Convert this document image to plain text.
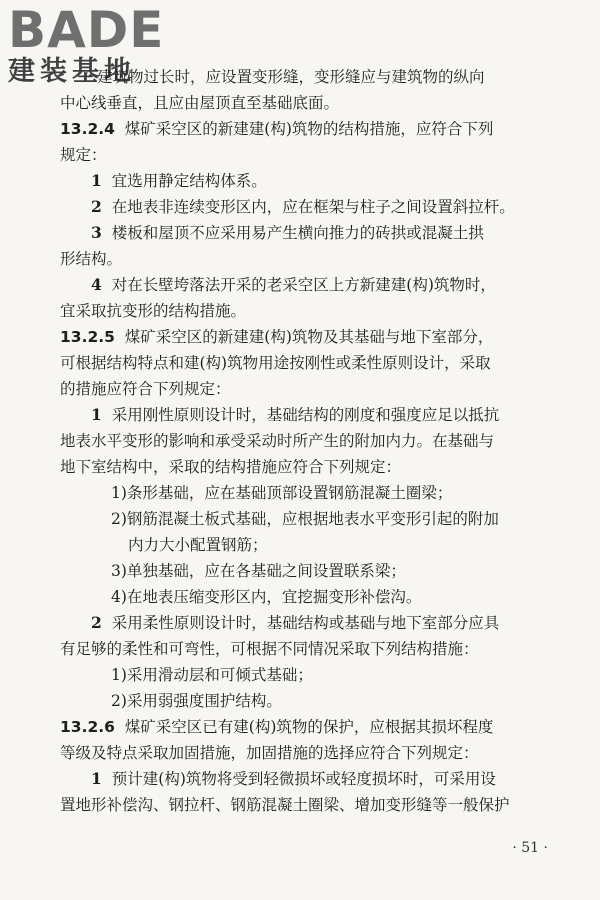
BADE
建装基地
建筑物过长时，应设置变形缝，变形缝应与建筑物的纵向
中心线垂直，且应由屋顶直至基础底面。
13.2.4 煤矿采空区的新建建(构)筑物的结构措施，应符合下列
规定：
1 宜选用静定结构体系。
2 在地表非连续变形区内，应在框架与柱子之间设置斜拉杆。
3 楼板和屋顶不应采用易产生横向推力的砖拱或混凝土拱
形结构。
4 对在长壁垮落法开采的老采空区上方新建建(构)筑物时，
宜采取抗变形的结构措施。
13.2.5 煤矿采空区的新建建(构)筑物及其基础与地下室部分，
可根据结构特点和建(构)筑物用途按刚性或柔性原则设计，采取
的措施应符合下列规定：
1 采用刚性原则设计时，基础结构的刚度和强度应足以抵抗
地表水平变形的影响和承受采动时所产生的附加内力。在基础与
地下室结构中，采取的结构措施应符合下列规定：
1)条形基础，应在基础顶部设置钢筋混凝土圈梁；
2)钢筋混凝土板式基础，应根据地表水平变形引起的附加
内力大小配置钢筋；
3)单独基础，应在各基础之间设置联系梁；
4)在地表压缩变形区内，宜挖掘变形补偿沟。
2 采用柔性原则设计时，基础结构或基础与地下室部分应具
有足够的柔性和可弯性，可根据不同情况采取下列结构措施：
1)采用滑动层和可倾式基础；
2)采用弱强度围护结构。
13.2.6 煤矿采空区已有建(构)筑物的保护，应根据其损坏程度
等级及特点采取加固措施，加固措施的选择应符合下列规定：
1 预计建(构)筑物将受到轻微损坏或轻度损坏时，可采用设
置地形补偿沟、钢拉杆、钢筋混凝土圈梁、增加变形缝等一般保护
· 51 ·
